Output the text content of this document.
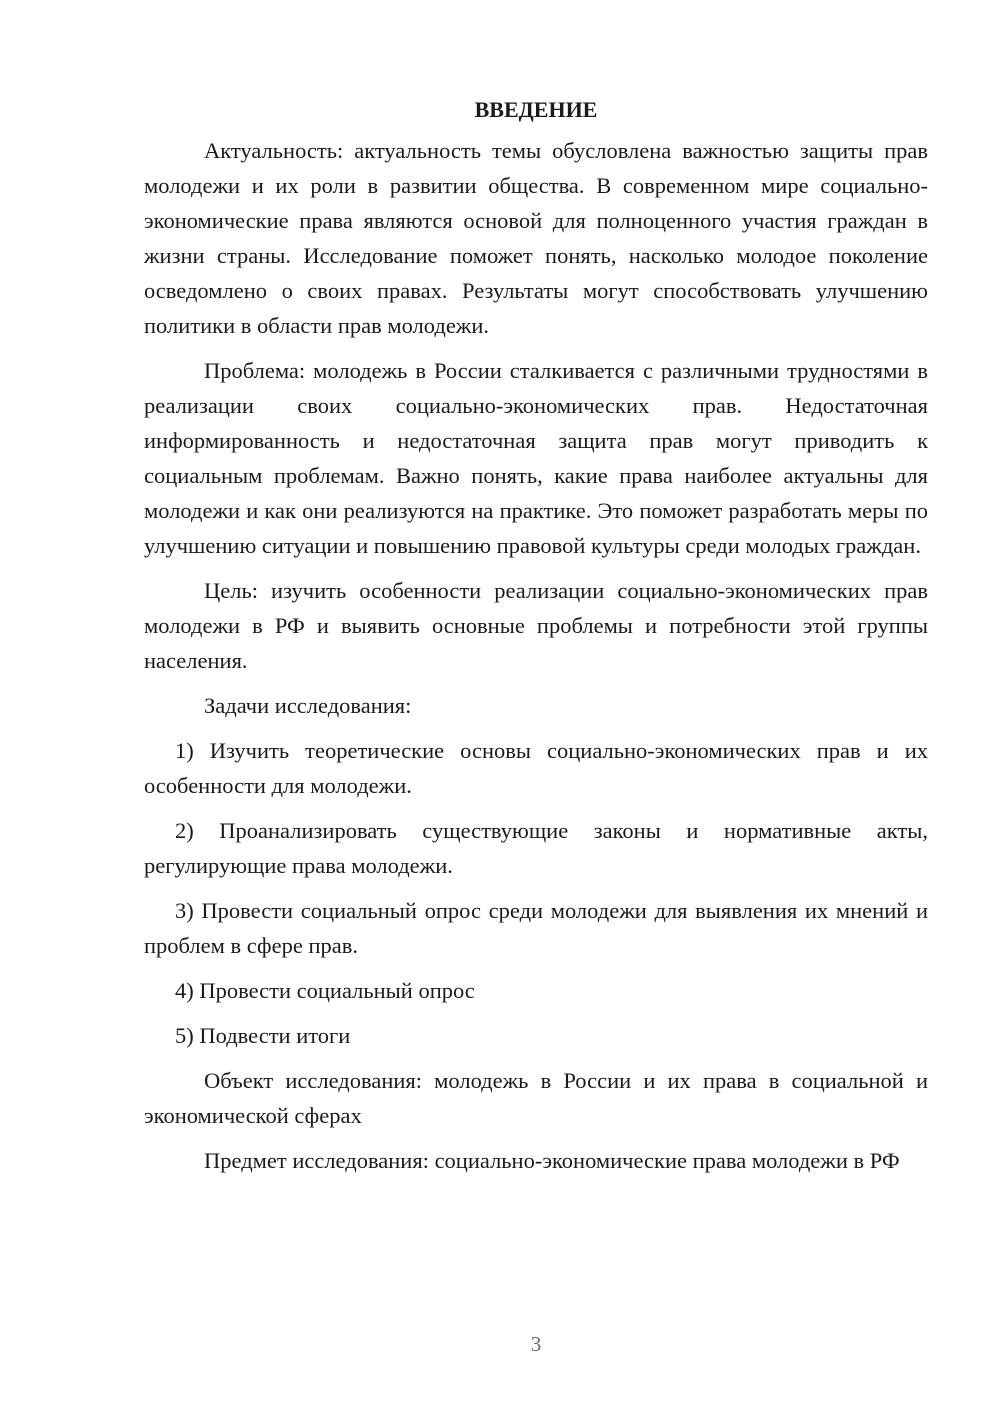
ВВЕДЕНИЕ

Актуальность: актуальность темы обусловлена важностью защиты прав молодежи и их роли в развитии общества. В современном мире социально-экономические права являются основой для полноценного участия граждан в жизни страны. Исследование поможет понять, насколько молодое поколение осведомлено о своих правах. Результаты могут способствовать улучшению политики в области прав молодежи.

Проблема: молодежь в России сталкивается с различными трудностями в реализации своих социально-экономических прав. Недостаточная информированность и недостаточная защита прав могут приводить к социальным проблемам. Важно понять, какие права наиболее актуальны для молодежи и как они реализуются на практике. Это поможет разработать меры по улучшению ситуации и повышению правовой культуры среди молодых граждан.

Цель: изучить особенности реализации социально-экономических прав молодежи в РФ и выявить основные проблемы и потребности этой группы населения.

Задачи исследования:

1) Изучить теоретические основы социально-экономических прав и их особенности для молодежи.

2) Проанализировать существующие законы и нормативные акты, регулирующие права молодежи.

3) Провести социальный опрос среди молодежи для выявления их мнений и проблем в сфере прав.

4) Провести социальный опрос

5) Подвести итоги

Объект исследования: молодежь в России и их права в социальной и экономической сферах

Предмет исследования: социально-экономические права молодежи в РФ

3
